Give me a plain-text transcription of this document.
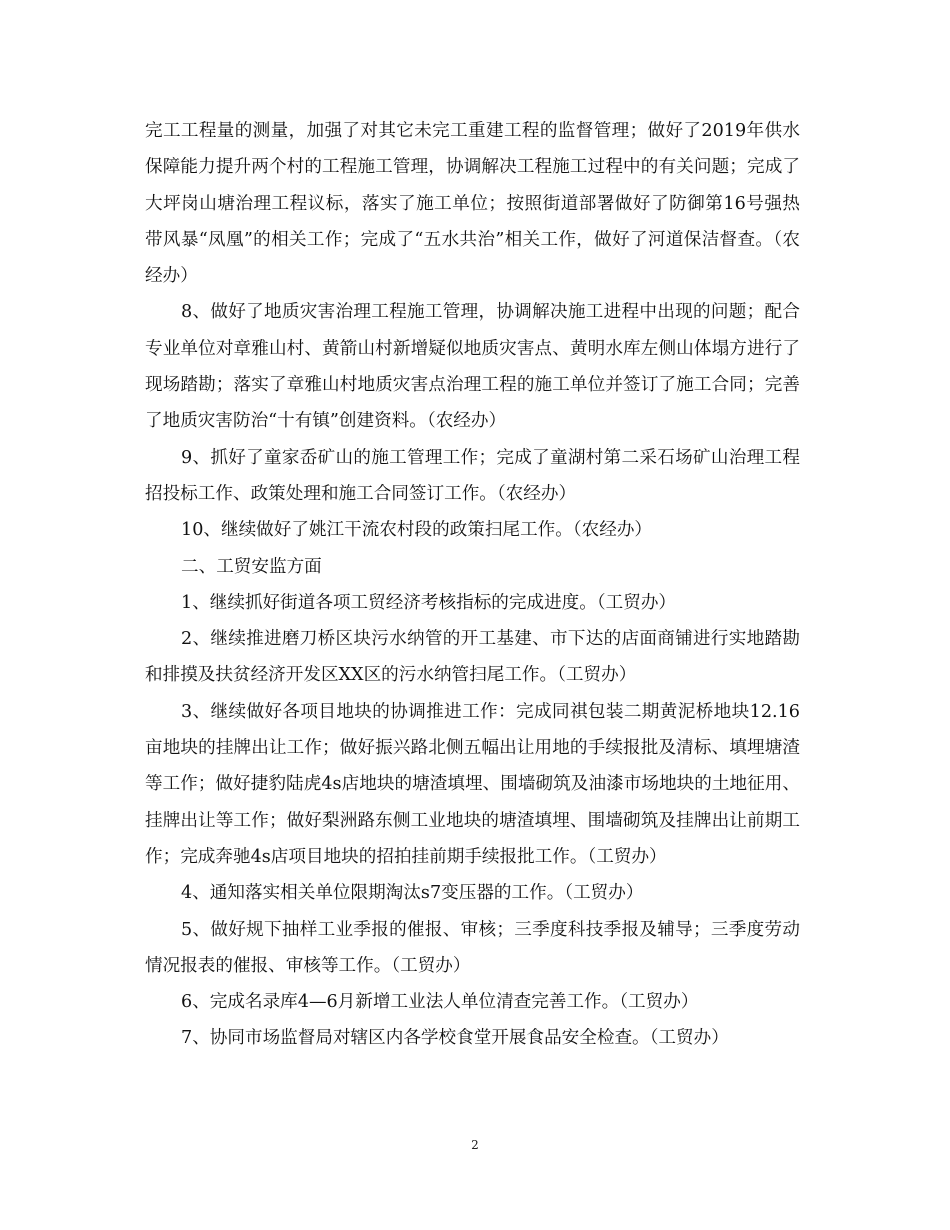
完工工程量的测量，加强了对其它未完工重建工程的监督管理；做好了2019年供水保障能力提升两个村的工程施工管理，协调解决工程施工过程中的有关问题；完成了大坪岗山塘治理工程议标，落实了施工单位；按照街道部署做好了防御第16号强热带风暴“凤凰”的相关工作；完成了“五水共治”相关工作，做好了河道保洁督查。（农经办）

8、做好了地质灾害治理工程施工管理，协调解决施工进程中出现的问题；配合专业单位对章雅山村、黄箭山村新增疑似地质灾害点、黄明水库左侧山体塌方进行了现场踏勘；落实了章雅山村地质灾害点治理工程的施工单位并签订了施工合同；完善了地质灾害防治“十有镇”创建资料。（农经办）

9、抓好了童家岙矿山的施工管理工作；完成了童湖村第二采石场矿山治理工程招投标工作、政策处理和施工合同签订工作。（农经办）

10、继续做好了姚江干流农村段的政策扫尾工作。（农经办）

二、工贸安监方面

1、继续抓好街道各项工贸经济考核指标的完成进度。（工贸办）

2、继续推进磨刀桥区块污水纳管的开工基建、市下达的店面商铺进行实地踏勘和排摸及扶贫经济开发区XX区的污水纳管扫尾工作。（工贸办）

3、继续做好各项目地块的协调推进工作：完成同祺包装二期黄泥桥地块12.16亩地块的挂牌出让工作；做好振兴路北侧五幅出让用地的手续报批及清标、填埋塘渣等工作；做好捷豹陆虎4s店地块的塘渣填埋、围墙砌筑及油漆市场地块的土地征用、挂牌出让等工作；做好梨洲路东侧工业地块的塘渣填埋、围墙砌筑及挂牌出让前期工作；完成奔驰4s店项目地块的招拍挂前期手续报批工作。（工贸办）

4、通知落实相关单位限期淘汰s7变压器的工作。（工贸办）

5、做好规下抽样工业季报的催报、审核；三季度科技季报及辅导；三季度劳动情况报表的催报、审核等工作。（工贸办）

6、完成名录库4—6月新增工业法人单位清查完善工作。（工贸办）

7、协同市场监督局对辖区内各学校食堂开展食品安全检查。（工贸办）

2
